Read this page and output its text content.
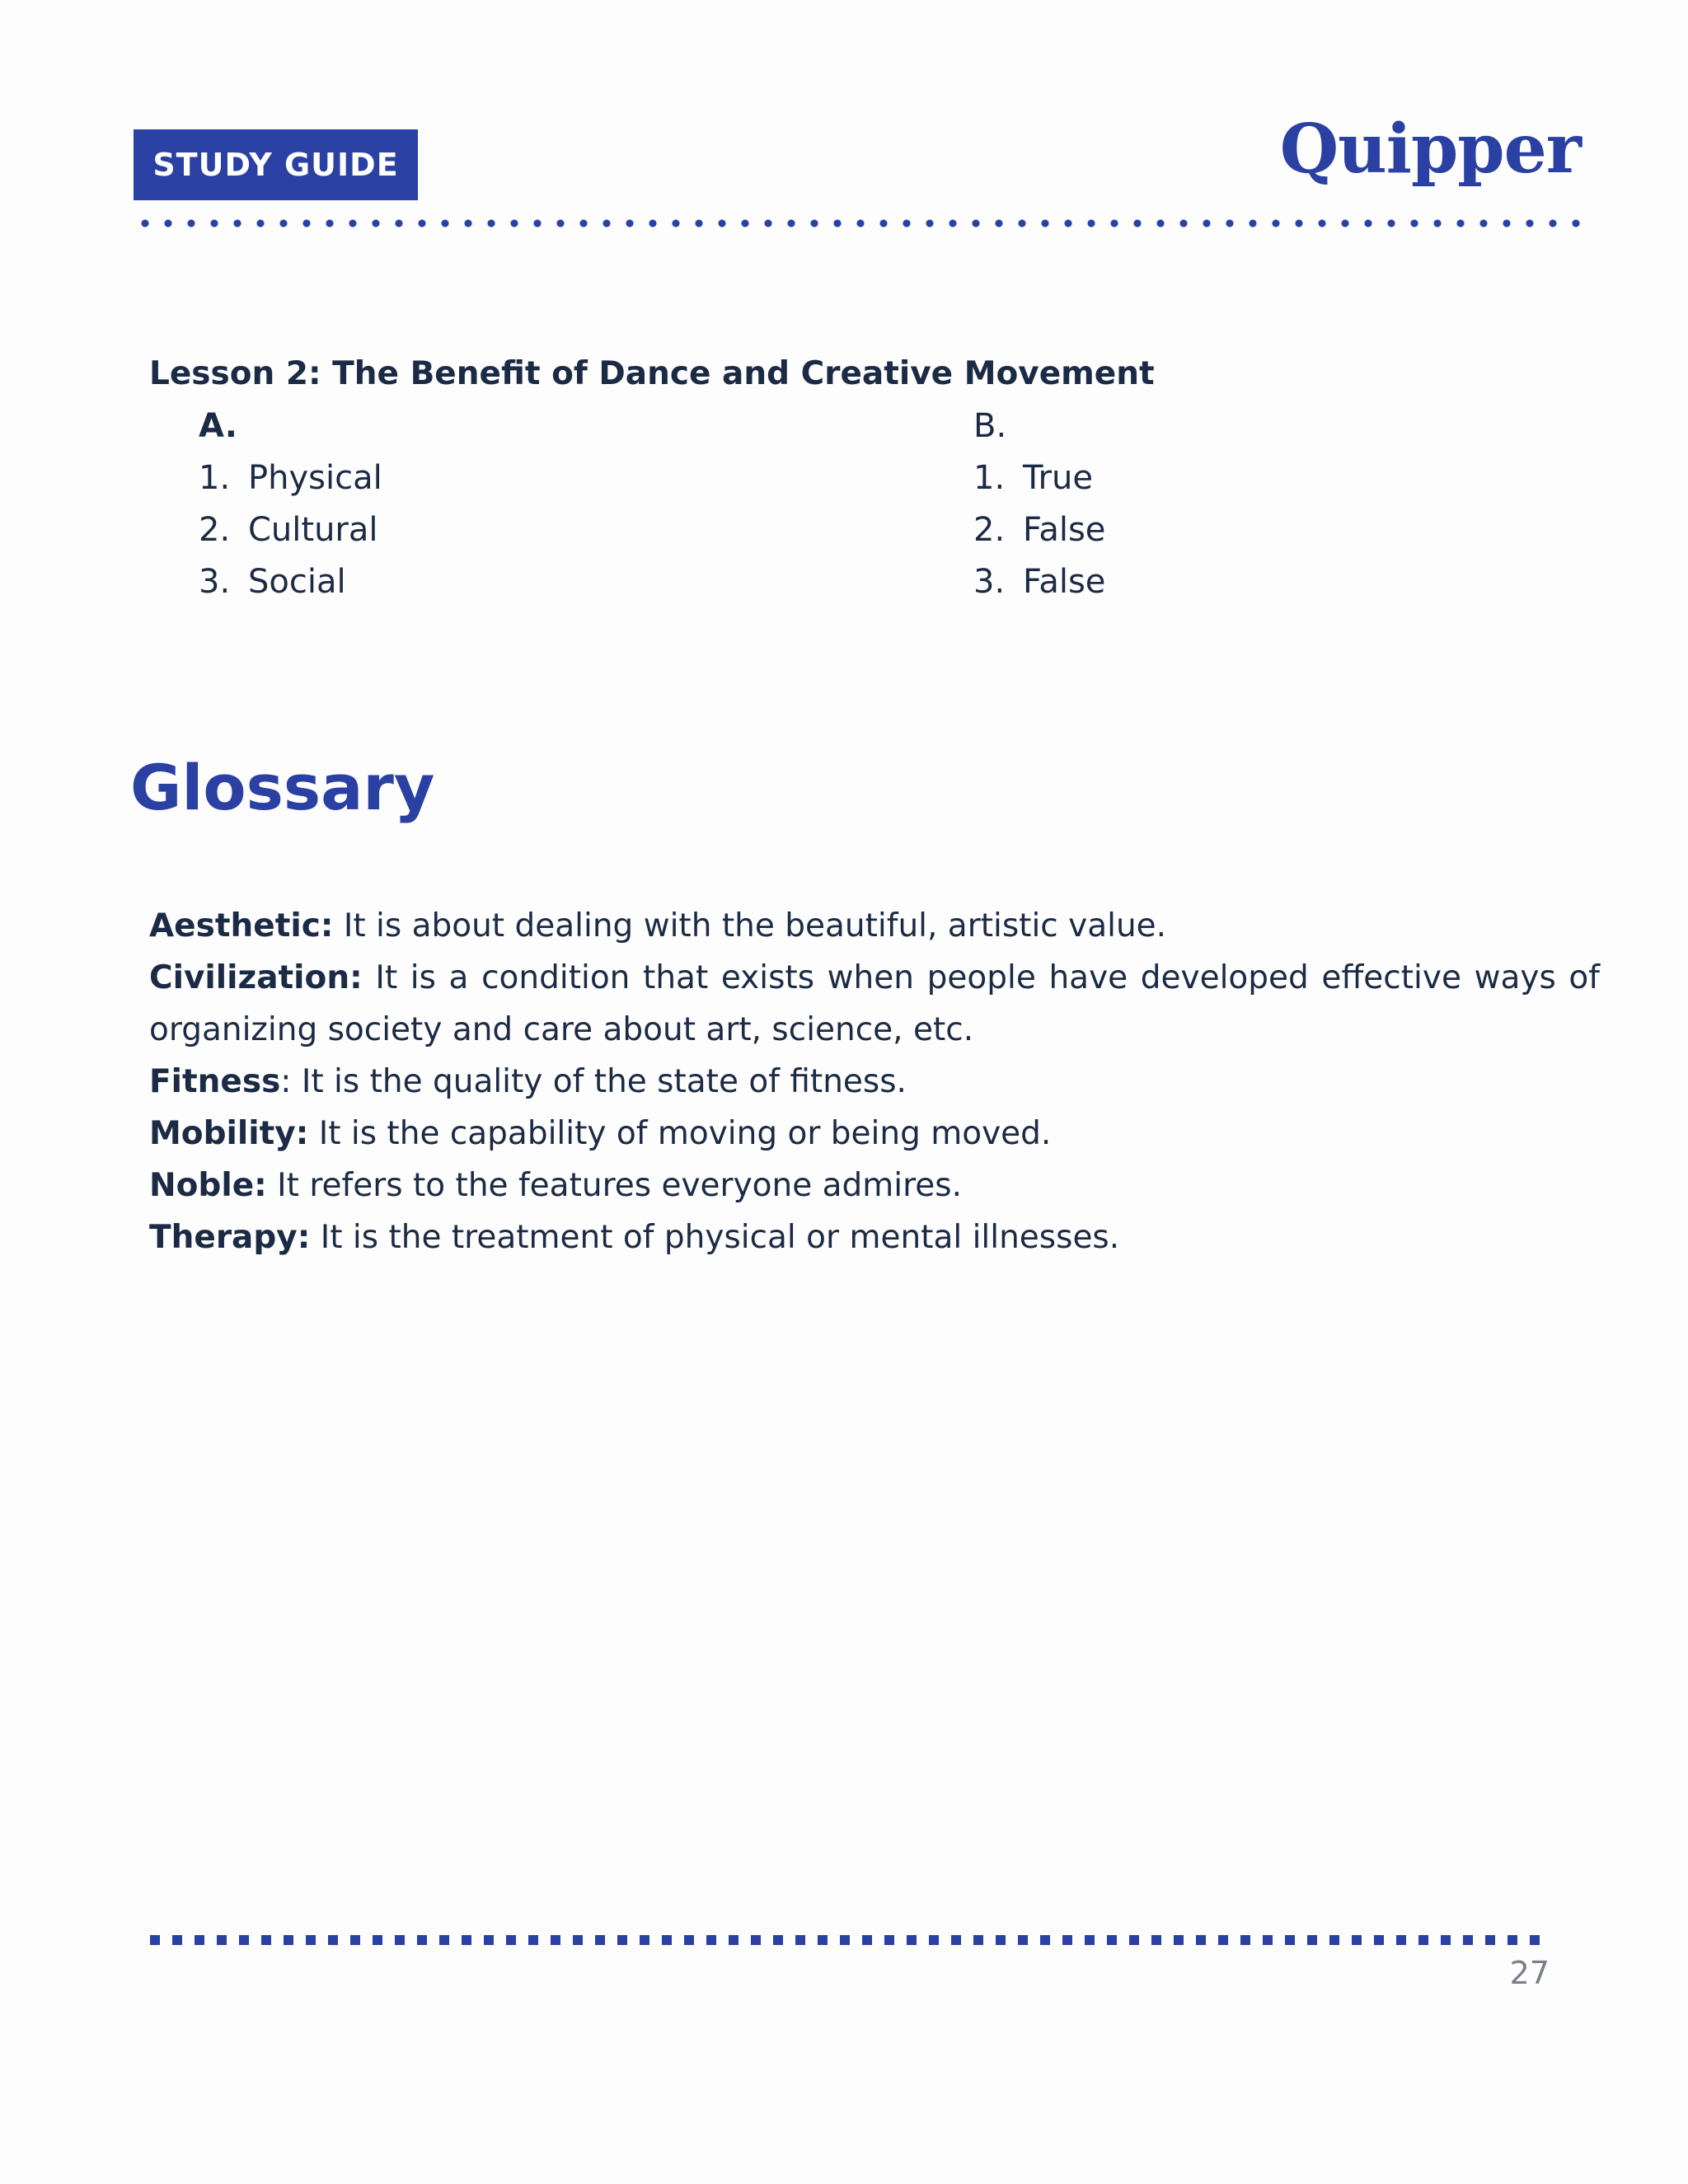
STUDY GUIDE	Quipper
Lesson 2: The Benefit of Dance and Creative Movement
A.
1. Physical
2. Cultural
3. Social
B.
1. True
2. False
3. False
Glossary
Aesthetic: It is about dealing with the beautiful, artistic value.
Civilization: It is a condition that exists when people have developed effective ways of organizing society and care about art, science, etc.
Fitness: It is the quality of the state of fitness.
Mobility: It is the capability of moving or being moved.
Noble: It refers to the features everyone admires.
Therapy: It is the treatment of physical or mental illnesses.
27
